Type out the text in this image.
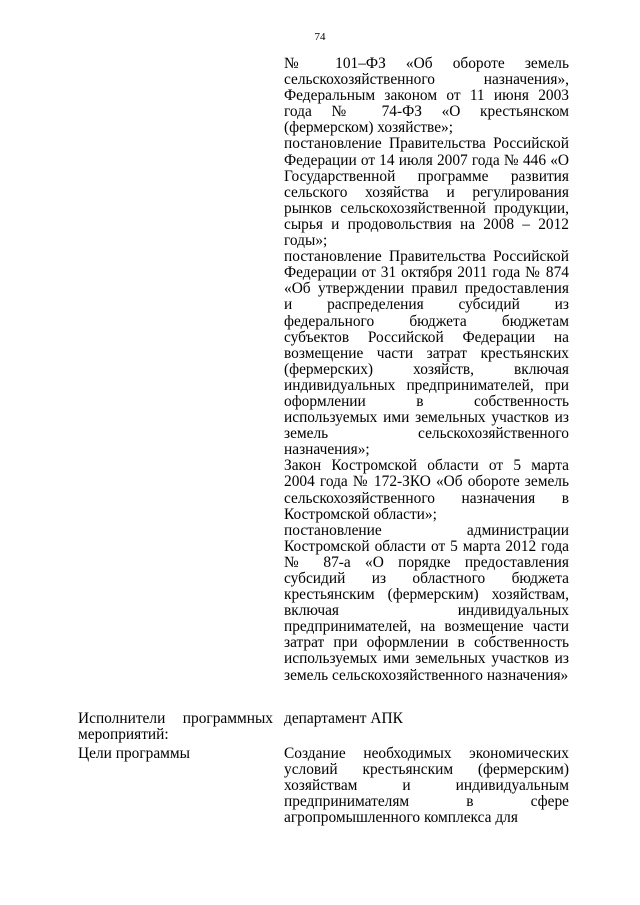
74

№ 101–ФЗ «Об обороте земель сельскохозяйственного назначения», Федеральным законом от 11 июня 2003 года № 74-ФЗ «О крестьянском (фермерском) хозяйстве»;

постановление Правительства Российской Федерации от 14 июля 2007 года № 446 «О Государственной программе развития сельского хозяйства и регулирования рынков сельскохозяйственной продукции, сырья и продовольствия на 2008 – 2012 годы»;

постановление Правительства Российской Федерации от 31 октября 2011 года № 874 «Об утверждении правил предоставления и распределения субсидий из федерального бюджета бюджетам субъектов Российской Федерации на возмещение части затрат крестьянских (фермерских) хозяйств, включая индивидуальных предпринимателей, при оформлении в собственность используемых ими земельных участков из земель сельскохозяйственного назначения»;

Закон Костромской области от 5 марта 2004 года № 172-ЗКО «Об обороте земель сельскохозяйственного назначения в Костромской области»;

постановление администрации Костромской области от 5 марта 2012 года № 87-а «О порядке предоставления субсидий из областного бюджета крестьянским (фермерским) хозяйствам, включая индивидуальных предпринимателей, на возмещение части затрат при оформлении в собственность используемых ими земельных участков из земель сельскохозяйственного назначения»

Исполнители программных мероприятий:
департамент АПК
Цели программы	Создание необходимых экономических условий крестьянским (фермерским) хозяйствам и индивидуальным предпринимателям в сфере агропромышленного комплекса для
